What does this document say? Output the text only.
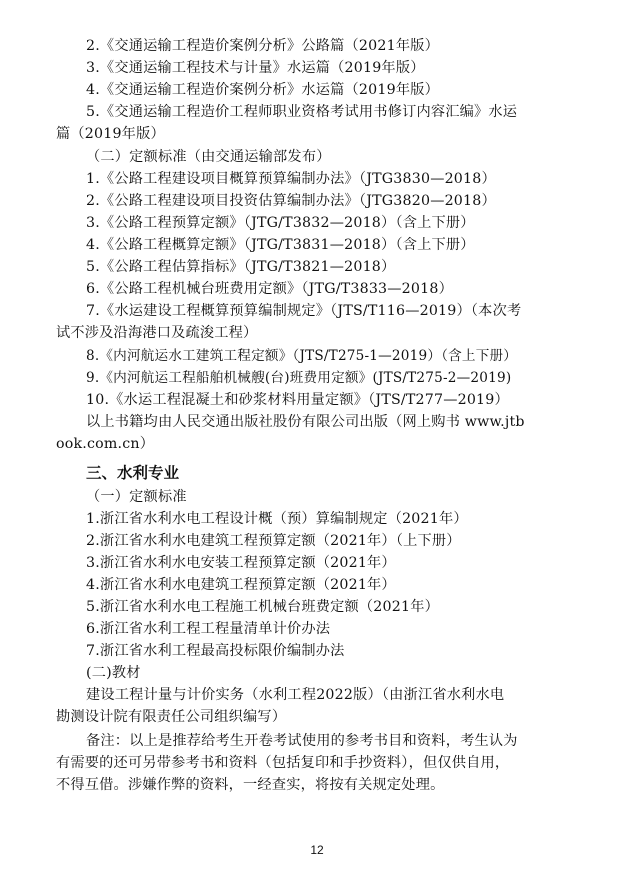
2.《交通运输工程造价案例分析》公路篇（2021年版）
3.《交通运输工程技术与计量》水运篇（2019年版）
4.《交通运输工程造价案例分析》水运篇（2019年版）
5.《交通运输工程造价工程师职业资格考试用书修订内容汇编》水运
篇（2019年版）
（二）定额标准（由交通运输部发布）
1.《公路工程建设项目概算预算编制办法》（JTG3830—2018）
2.《公路工程建设项目投资估算编制办法》（JTG3820—2018）
3.《公路工程预算定额》（JTG/T3832—2018）（含上下册）
4.《公路工程概算定额》（JTG/T3831—2018）（含上下册）
5.《公路工程估算指标》（JTG/T3821—2018）
6.《公路工程机械台班费用定额》（JTG/T3833—2018）
7.《水运建设工程概算预算编制规定》（JTS/T116—2019）（本次考
试不涉及沿海港口及疏浚工程）
8.《内河航运水工建筑工程定额》（JTS/T275-1—2019）（含上下册）
9.《内河航运工程船舶机械艘(台)班费用定额》(JTS/T275-2—2019)
10.《水运工程混凝土和砂浆材料用量定额》（JTS/T277—2019）
以上书籍均由人民交通出版社股份有限公司出版（网上购书 www.jtb
ook.com.cn）
三、水利专业
（一）定额标准
1.浙江省水利水电工程设计概（预）算编制规定（2021年）
2.浙江省水利水电建筑工程预算定额（2021年）（上下册）
3.浙江省水利水电安装工程预算定额（2021年）
4.浙江省水利水电建筑工程预算定额（2021年）
5.浙江省水利水电工程施工机械台班费定额（2021年）
6.浙江省水利工程工程量清单计价办法
7.浙江省水利工程最高投标限价编制办法
(二)教材
建设工程计量与计价实务（水利工程2022版）（由浙江省水利水电
勘测设计院有限责任公司组织编写）
备注：以上是推荐给考生开卷考试使用的参考书目和资料，考生认为
有需要的还可另带参考书和资料（包括复印和手抄资料），但仅供自用，
不得互借。涉嫌作弊的资料，一经查实，将按有关规定处理。
12
